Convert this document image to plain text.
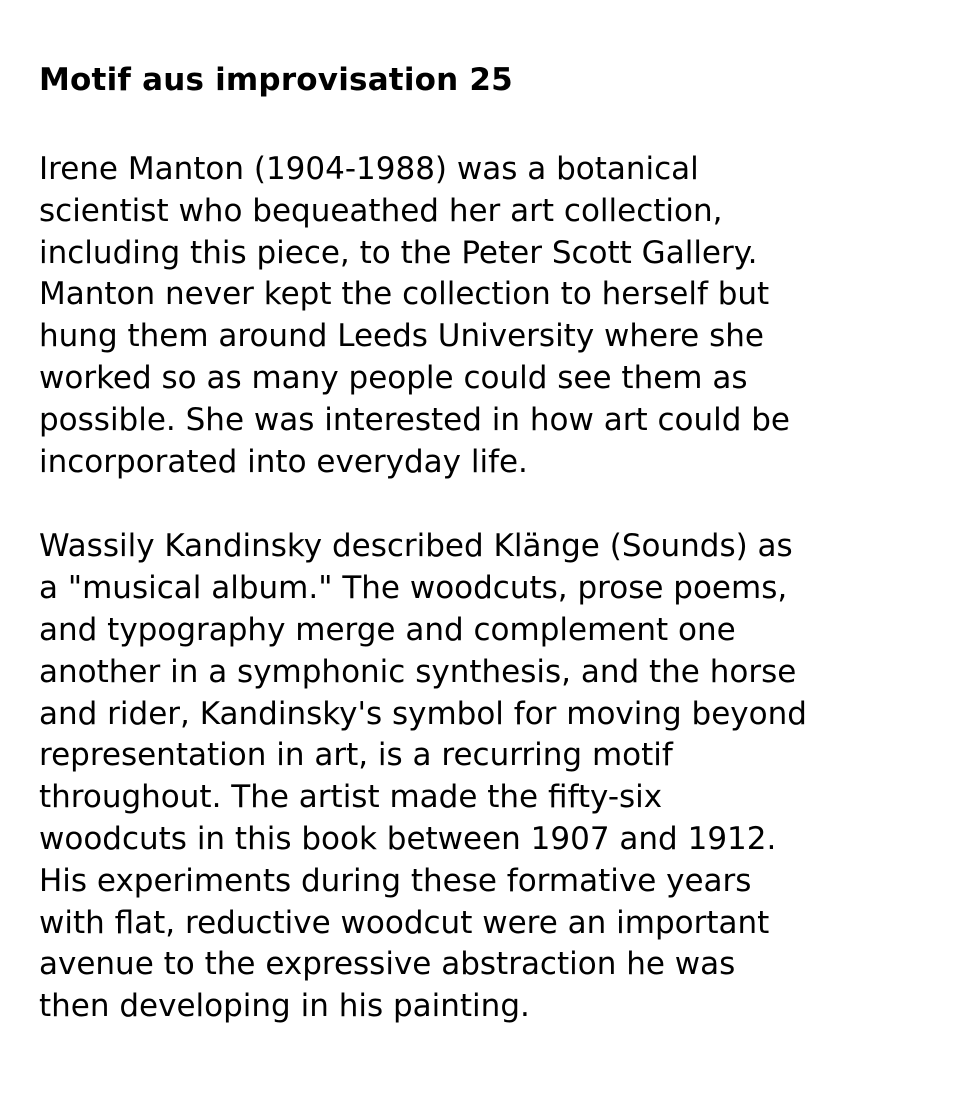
Motif aus improvisation 25

Irene Manton (1904-1988) was a botanical
scientist who bequeathed her art collection,
including this piece, to the Peter Scott Gallery.
Manton never kept the collection to herself but
hung them around Leeds University where she
worked so as many people could see them as
possible. She was interested in how art could be
incorporated into everyday life.

Wassily Kandinsky described Klänge (Sounds) as
a "musical album." The woodcuts, prose poems,
and typography merge and complement one
another in a symphonic synthesis, and the horse
and rider, Kandinsky's symbol for moving beyond
representation in art, is a recurring motif
throughout. The artist made the fifty-six
woodcuts in this book between 1907 and 1912.
His experiments during these formative years
with flat, reductive woodcut were an important
avenue to the expressive abstraction he was
then developing in his painting.
